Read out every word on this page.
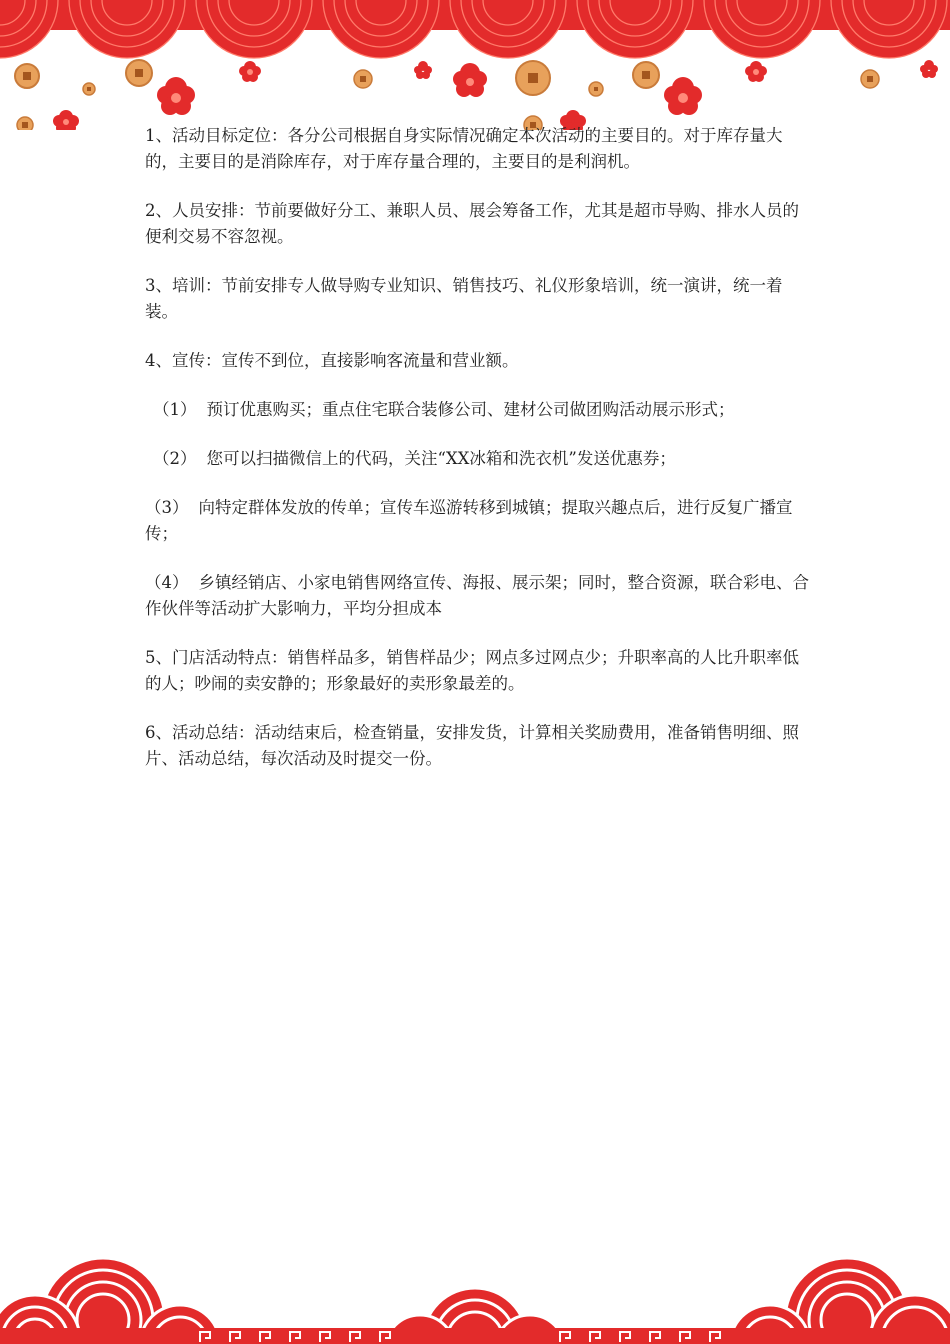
1、活动目标定位：各分公司根据自身实际情况确定本次活动的主要目的。对于库存量大的，主要目的是消除库存，对于库存量合理的，主要目的是利润机。

2、人员安排：节前要做好分工、兼职人员、展会筹备工作，尤其是超市导购、排水人员的便利交易不容忽视。

3、培训：节前安排专人做导购专业知识、销售技巧、礼仪形象培训，统一演讲，统一着装。

4、宣传：宣传不到位，直接影响客流量和营业额。

（1） 预订优惠购买；重点住宅联合装修公司、建材公司做团购活动展示形式；

（2） 您可以扫描微信上的代码，关注“XX冰箱和洗衣机”发送优惠券；

（3） 向特定群体发放的传单；宣传车巡游转移到城镇；提取兴趣点后，进行反复广播宣传；

（4） 乡镇经销店、小家电销售网络宣传、海报、展示架；同时，整合资源，联合彩电、合作伙伴等活动扩大影响力，平均分担成本

5、门店活动特点：销售样品多，销售样品少；网点多过网点少；升职率高的人比升职率低的人；吵闹的卖安静的；形象最好的卖形象最差的。

6、活动总结：活动结束后，检查销量，安排发货，计算相关奖励费用，准备销售明细、照片、活动总结，每次活动及时提交一份。
